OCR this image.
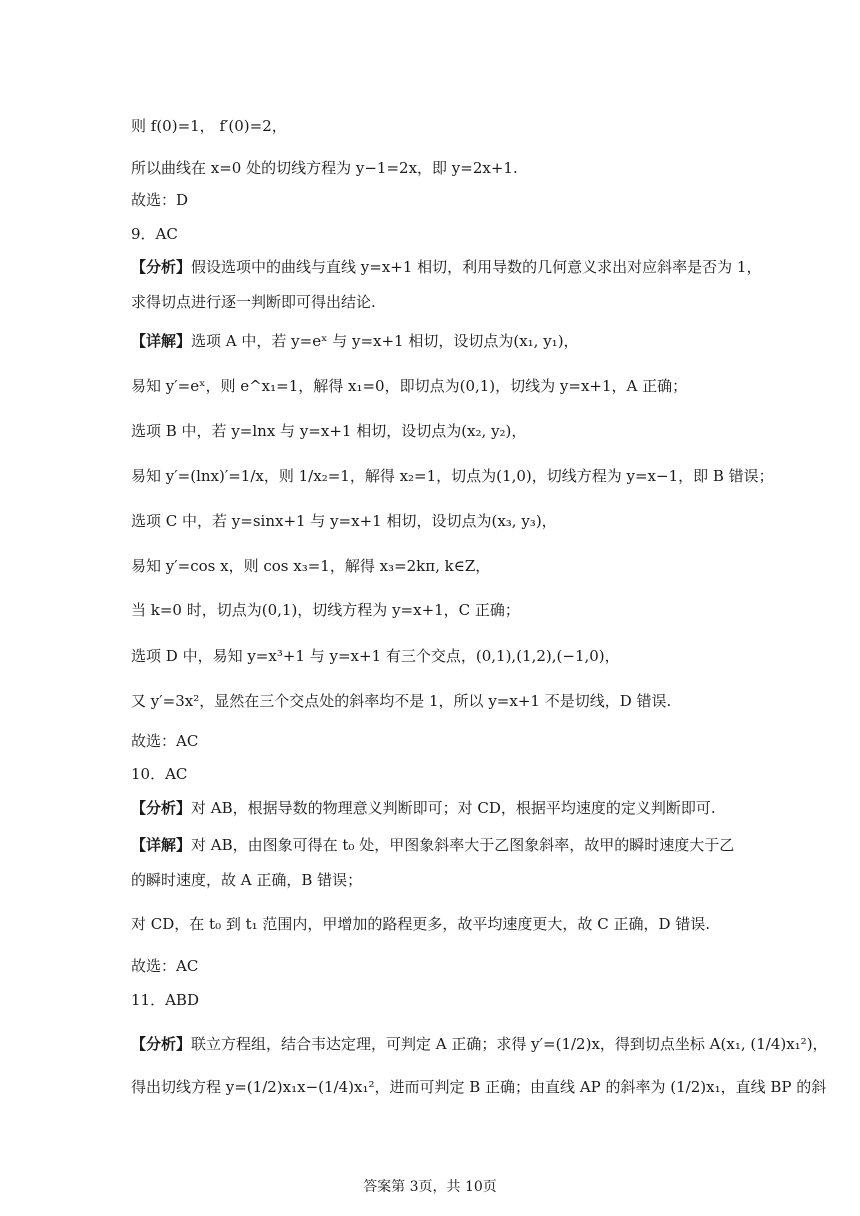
则 f(0)=1， f′(0)=2，
所以曲线在 x=0 处的切线方程为 y−1=2x，即 y=2x+1.
故选：D
9．AC
【分析】假设选项中的曲线与直线 y=x+1 相切，利用导数的几何意义求出对应斜率是否为 1，
求得切点进行逐一判断即可得出结论.
【详解】选项 A 中，若 y=eˣ 与 y=x+1 相切，设切点为(x₁, y₁)，
易知 y′=eˣ，则 e^x₁=1，解得 x₁=0，即切点为(0,1)，切线为 y=x+1，A 正确；
选项 B 中，若 y=lnx 与 y=x+1 相切，设切点为(x₂, y₂)，
易知 y′=(lnx)′=1/x，则 1/x₂=1，解得 x₂=1，切点为(1,0)，切线方程为 y=x−1，即 B 错误；
选项 C 中，若 y=sinx+1 与 y=x+1 相切，设切点为(x₃, y₃)，
易知 y′=cos x，则 cos x₃=1，解得 x₃=2kπ, k∈Z，
当 k=0 时，切点为(0,1)，切线方程为 y=x+1，C 正确；
选项 D 中，易知 y=x³+1 与 y=x+1 有三个交点，(0,1),(1,2),(−1,0)，
又 y′=3x²，显然在三个交点处的斜率均不是 1，所以 y=x+1 不是切线，D 错误.
故选：AC
10．AC
【分析】对 AB，根据导数的物理意义判断即可；对 CD，根据平均速度的定义判断即可.
【详解】对 AB，由图象可得在 t₀ 处，甲图象斜率大于乙图象斜率，故甲的瞬时速度大于乙
的瞬时速度，故 A 正确，B 错误；
对 CD，在 t₀ 到 t₁ 范围内，甲增加的路程更多，故平均速度更大，故 C 正确，D 错误.
故选：AC
11．ABD
【分析】联立方程组，结合韦达定理，可判定 A 正确；求得 y′=(1/2)x，得到切点坐标 A(x₁, (1/4)x₁²)，
得出切线方程 y=(1/2)x₁x−(1/4)x₁²，进而可判定 B 正确；由直线 AP 的斜率为 (1/2)x₁，直线 BP 的斜
答案第 3页，共 10页
